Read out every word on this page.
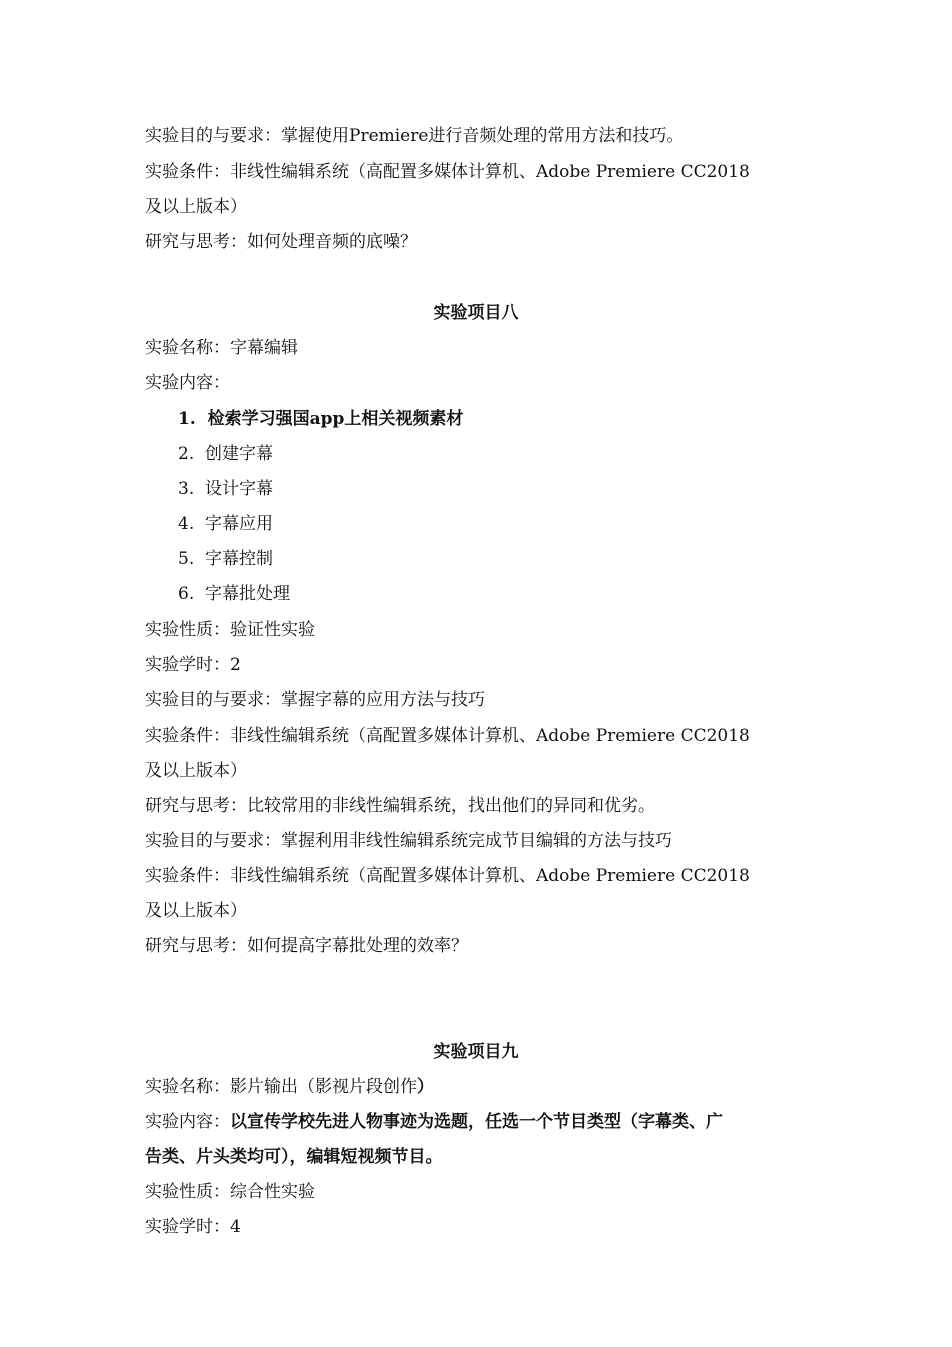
实验目的与要求：掌握使用Premiere进行音频处理的常用方法和技巧。
实验条件：非线性编辑系统（高配置多媒体计算机、Adobe Premiere CC2018
及以上版本）
研究与思考：如何处理音频的底噪？
实验项目八
实验名称：字幕编辑
实验内容：
1. 检索学习强国app上相关视频素材
2. 创建字幕
3. 设计字幕
4. 字幕应用
5. 字幕控制
6. 字幕批处理
实验性质：验证性实验
实验学时：2
实验目的与要求：掌握字幕的应用方法与技巧
实验条件：非线性编辑系统（高配置多媒体计算机、Adobe Premiere CC2018
及以上版本）
研究与思考：比较常用的非线性编辑系统，找出他们的异同和优劣。
实验目的与要求：掌握利用非线性编辑系统完成节目编辑的方法与技巧
实验条件：非线性编辑系统（高配置多媒体计算机、Adobe Premiere CC2018
及以上版本）
研究与思考：如何提高字幕批处理的效率？
实验项目九
实验名称：影片输出（影视片段创作）
实验内容：以宣传学校先进人物事迹为选题，任选一个节目类型（字幕类、广
告类、片头类均可），编辑短视频节目。
实验性质：综合性实验
实验学时：4
